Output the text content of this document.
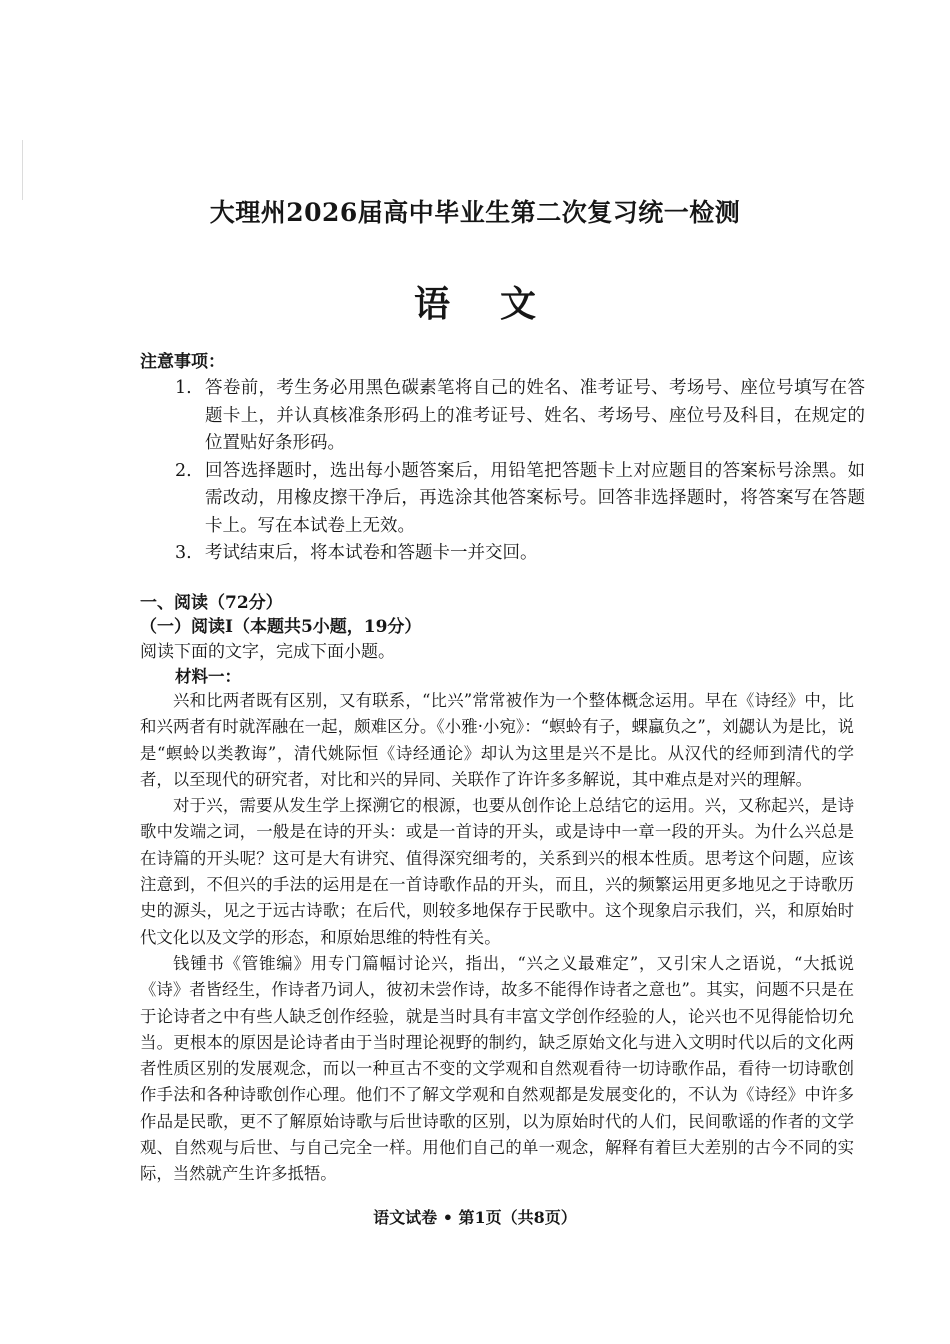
大理州2026届高中毕业生第二次复习统一检测
语文
注意事项：
1. 答卷前，考生务必用黑色碳素笔将自己的姓名、准考证号、考场号、座位号填写在答题卡上，并认真核准条形码上的准考证号、姓名、考场号、座位号及科目，在规定的位置贴好条形码。
2. 回答选择题时，选出每小题答案后，用铅笔把答题卡上对应题目的答案标号涂黑。如需改动，用橡皮擦干净后，再选涂其他答案标号。回答非选择题时，将答案写在答题卡上。写在本试卷上无效。
3. 考试结束后，将本试卷和答题卡一并交回。
一、阅读（72分）
（一）阅读Ⅰ（本题共5小题，19分）
阅读下面的文字，完成下面小题。
材料一：

兴和比两者既有区别，又有联系，“比兴”常常被作为一个整体概念运用。早在《诗经》中，比和兴两者有时就浑融在一起，颇难区分。《小雅·小宛》：“螟蛉有子，蜾蠃负之”，刘勰认为是比，说是“螟蛉以类教诲”，清代姚际恒《诗经通论》却认为这里是兴不是比。从汉代的经师到清代的学者，以至现代的研究者，对比和兴的异同、关联作了许许多多解说，其中难点是对兴的理解。

对于兴，需要从发生学上探溯它的根源，也要从创作论上总结它的运用。兴，又称起兴，是诗歌中发端之词，一般是在诗的开头：或是一首诗的开头，或是诗中一章一段的开头。为什么兴总是在诗篇的开头呢？这可是大有讲究、值得深究细考的，关系到兴的根本性质。思考这个问题，应该注意到，不但兴的手法的运用是在一首诗歌作品的开头，而且，兴的频繁运用更多地见之于诗歌历史的源头，见之于远古诗歌；在后代，则较多地保存于民歌中。这个现象启示我们，兴，和原始时代文化以及文学的形态，和原始思维的特性有关。

钱锺书《管锥编》用专门篇幅讨论兴，指出，“兴之义最难定”，又引宋人之语说，“大抵说《诗》者皆经生，作诗者乃词人，彼初未尝作诗，故多不能得作诗者之意也”。其实，问题不只是在于论诗者之中有些人缺乏创作经验，就是当时具有丰富文学创作经验的人，论兴也不见得能恰切允当。更根本的原因是论诗者由于当时理论视野的制约，缺乏原始文化与进入文明时代以后的文化两者性质区别的发展观念，而以一种亘古不变的文学观和自然观看待一切诗歌作品，看待一切诗歌创作手法和各种诗歌创作心理。他们不了解文学观和自然观都是发展变化的，不认为《诗经》中许多作品是民歌，更不了解原始诗歌与后世诗歌的区别，以为原始时代的人们，民间歌谣的作者的文学观、自然观与后世、与自己完全一样。用他们自己的单一观念，解释有着巨大差别的古今不同的实际，当然就产生许多抵牾。

语文试卷 • 第1页（共8页）
